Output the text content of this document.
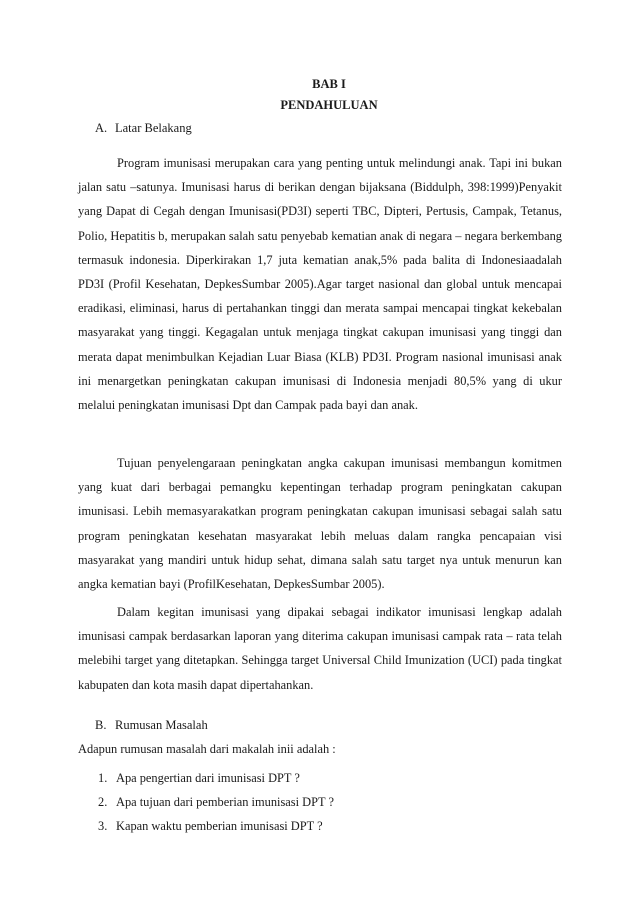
BAB I
PENDAHULUAN
A. Latar Belakang

Program imunisasi merupakan cara yang penting untuk melindungi anak. Tapi ini bukan jalan satu –satunya. Imunisasi harus di berikan dengan bijaksana (Biddulph, 398:1999)Penyakit yang Dapat di Cegah dengan Imunisasi(PD3I) seperti TBC, Dipteri, Pertusis, Campak, Tetanus, Polio, Hepatitis b, merupakan salah satu penyebab kematian anak di negara – negara berkembang termasuk indonesia. Diperkirakan 1,7 juta kematian anak,5% pada balita di Indonesiaadalah PD3I (Profil Kesehatan, DepkesSumbar 2005).Agar target nasional dan global untuk mencapai eradikasi, eliminasi, harus di pertahankan tinggi dan merata sampai mencapai tingkat kekebalan masyarakat yang tinggi. Kegagalan untuk menjaga tingkat cakupan imunisasi yang tinggi dan merata dapat menimbulkan Kejadian Luar Biasa (KLB) PD3I. Program nasional imunisasi anak ini menargetkan peningkatan cakupan imunisasi di Indonesia menjadi 80,5% yang di ukur melalui peningkatan imunisasi Dpt dan Campak pada bayi dan anak.

Tujuan penyelengaraan peningkatan angka cakupan imunisasi membangun komitmen yang kuat dari berbagai pemangku kepentingan terhadap program peningkatan cakupan imunisasi. Lebih memasyarakatkan program peningkatan cakupan imunisasi sebagai salah satu program peningkatan kesehatan masyarakat lebih meluas dalam rangka pencapaian visi masyarakat yang mandiri untuk hidup sehat, dimana salah satu target nya untuk menurun kan angka kematian bayi (ProfilKesehatan, DepkesSumbar 2005).

Dalam kegitan imunisasi yang dipakai sebagai indikator imunisasi lengkap adalah imunisasi campak berdasarkan laporan yang diterima cakupan imunisasi campak rata – rata telah melebihi target yang ditetapkan. Sehingga target Universal Child Imunization (UCI) pada tingkat kabupaten dan kota masih dapat dipertahankan.

B. Rumusan Masalah
Adapun rumusan masalah dari makalah inii adalah :
1. Apa pengertian dari imunisasi DPT ?
2. Apa tujuan dari pemberian imunisasi DPT ?
3. Kapan waktu pemberian imunisasi DPT ?
